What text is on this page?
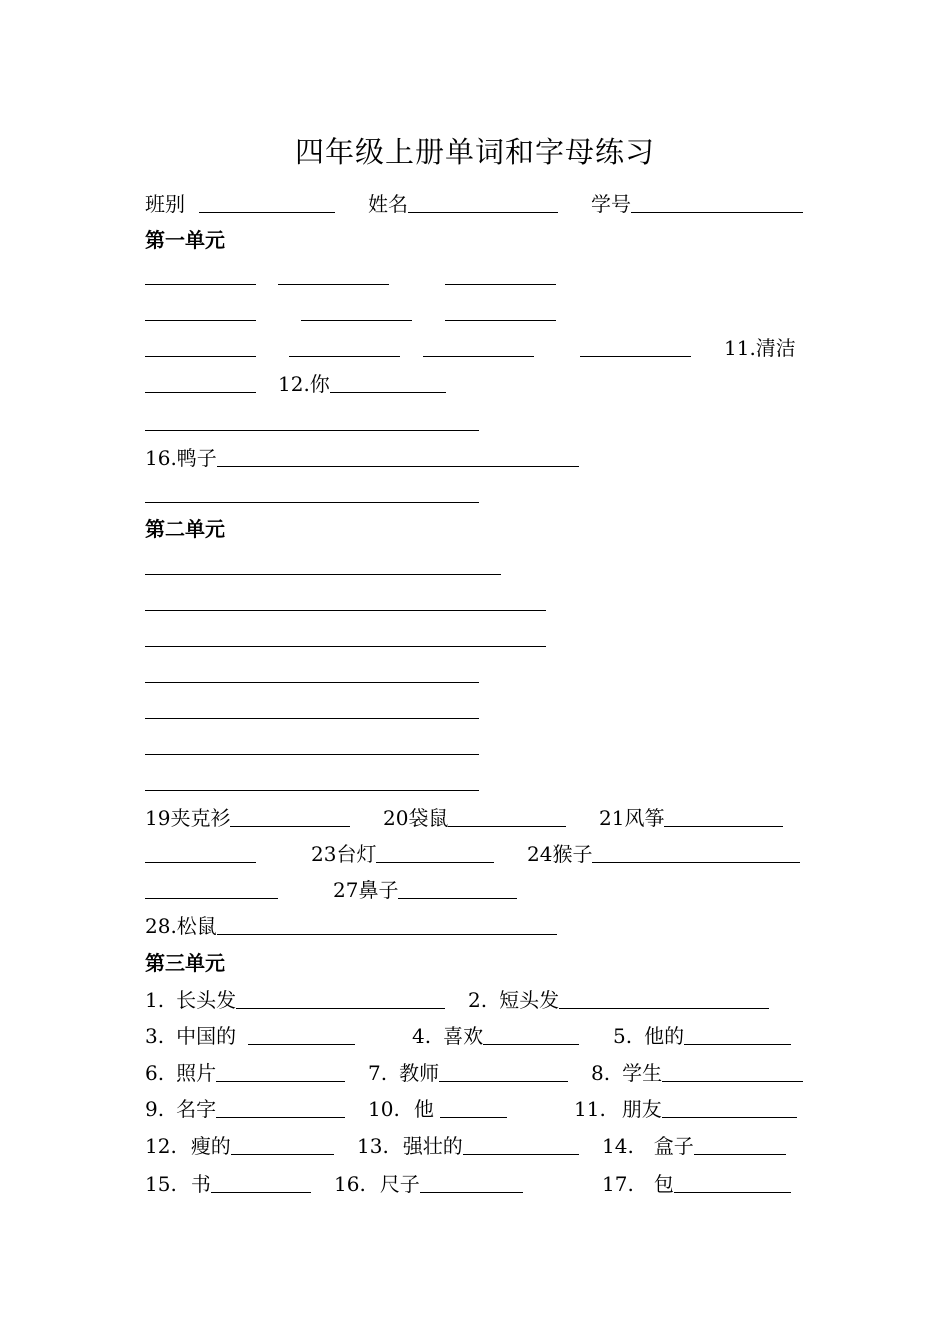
四年级上册单词和字母练习
班别	姓名	学号
第一单元
11.清洁
12.你
16.鸭子
第二单元
19夹克衫	20袋鼠	21风筝
23台灯	24猴子
27鼻子
28.松鼠
第三单元
1. 长头发	2. 短头发
3. 中国的	4. 喜欢	5. 他的
6. 照片	7. 教师	8. 学生
9. 名字	10. 他	11. 朋友
12. 瘦的	13. 强壮的	14. 盒子
15. 书	16. 尺子	17. 包
